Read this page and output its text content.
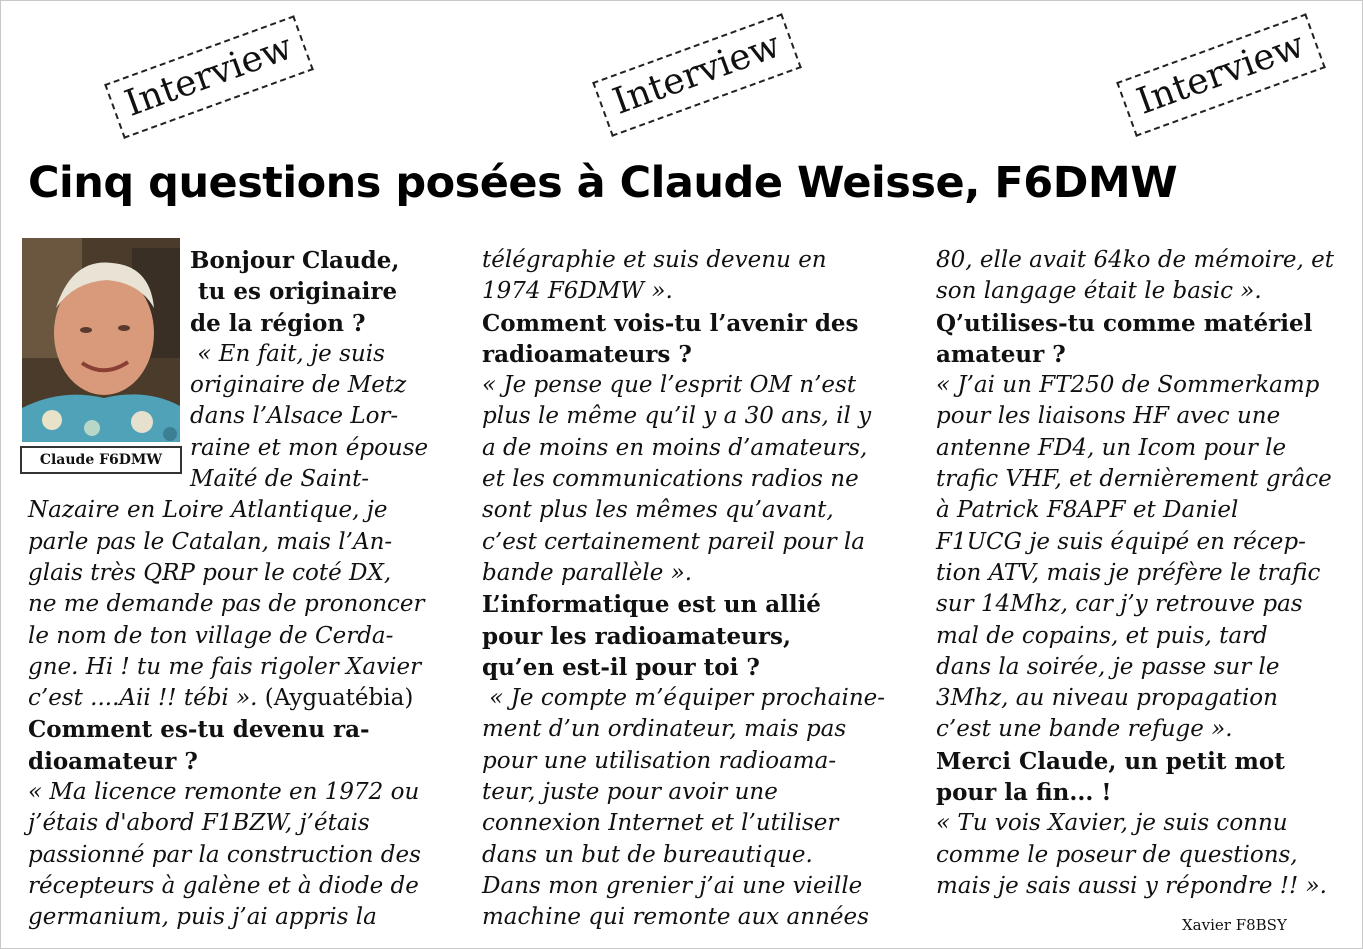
Interview	Interview	Interview
Cinq questions posées à Claude Weisse, F6DMW
Claude F6DMW

Bonjour Claude,

tu es originaire

de la région ?

« En fait, je suis

originaire de Metz

dans l’Alsace Lor-

raine et mon épouse

Maïté de Saint-

Nazaire en Loire Atlantique, je

parle pas le Catalan, mais l’An-

glais très QRP pour le coté DX,

ne me demande pas de prononcer

le nom de ton village de Cerda-

gne. Hi ! tu me fais rigoler Xavier

c’est ....Aii !! tébi ». (Ayguatébia)

Comment es-tu devenu ra-

dioamateur ?

« Ma licence remonte en 1972 ou

j’étais d'abord F1BZW, j’étais

passionné par la construction des

récepteurs à galène et à diode de

germanium, puis j’ai appris la

télégraphie et suis devenu en

1974 F6DMW ».

Comment vois-tu l’avenir des

radioamateurs ?

« Je pense que l’esprit OM n’est

plus le même qu’il y a 30 ans, il y

a de moins en moins d’amateurs,

et les communications radios ne

sont plus les mêmes qu’avant,

c’est certainement pareil pour la

bande parallèle ».

L’informatique est un allié

pour les radioamateurs,

qu’en est-il pour toi ?

« Je compte m’équiper prochaine-

ment d’un ordinateur, mais pas

pour une utilisation radioama-

teur, juste pour avoir une

connexion Internet et l’utiliser

dans un but de bureautique.

Dans mon grenier j’ai une vieille

machine qui remonte aux années

80, elle avait 64ko de mémoire, et

son langage était le basic ».

Q’utilises-tu comme matériel

amateur ?

« J’ai un FT250 de Sommerkamp

pour les liaisons HF avec une

antenne FD4, un Icom pour le

trafic VHF, et dernièrement grâce

à Patrick F8APF et Daniel

F1UCG je suis équipé en récep-

tion ATV, mais je préfère le trafic

sur 14Mhz, car j’y retrouve pas

mal de copains, et puis, tard

dans la soirée, je passe sur le

3Mhz, au niveau propagation

c’est une bande refuge ».

Merci Claude, un petit mot

pour la fin... !

« Tu vois Xavier, je suis connu

comme le poseur de questions,

mais je sais aussi y répondre !! ».

Xavier F8BSY
